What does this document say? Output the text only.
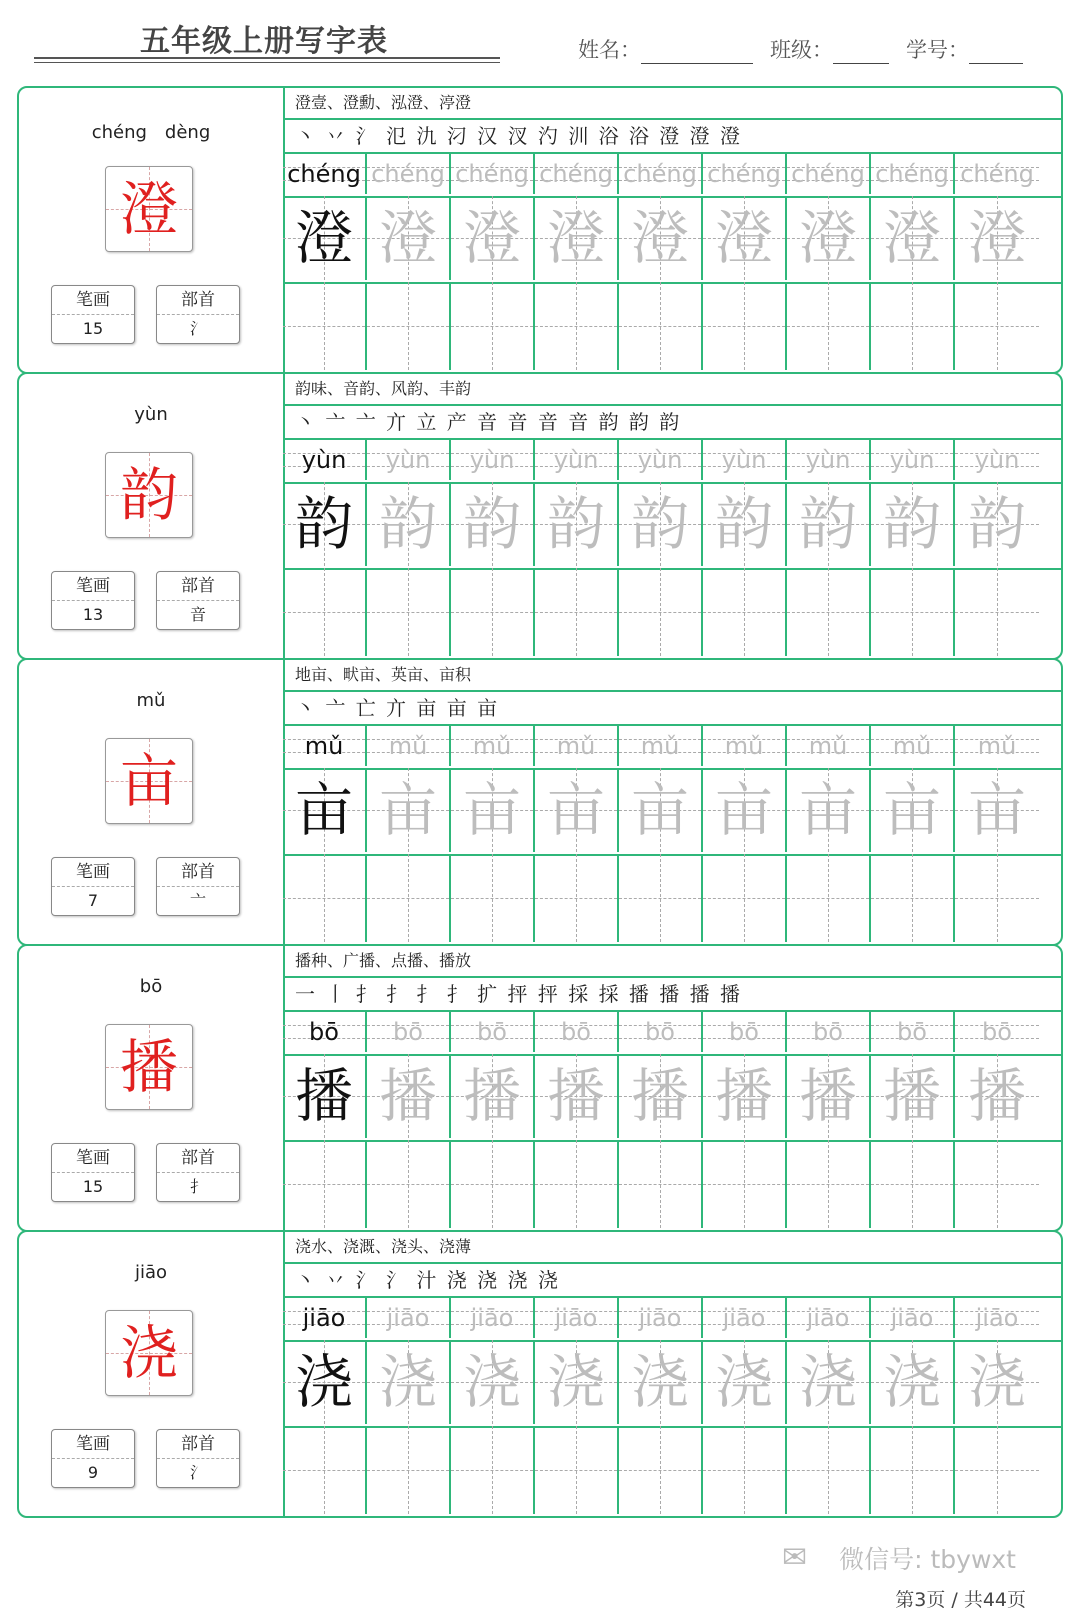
五年级上册写字表	姓名：	班级：	学号：
chéng　dèng
澄
笔画
15
部首
氵
澄壹、澄勳、泓澄、渟澄
丶 丷 氵 氾 氿 汈 汉 汊 汋 汌 浴 浴 澄 澄 澄
chéng chéng chéng chéng chéng chéng chéng chéng chéng
澄 澄 澄 澄 澄 澄 澄 澄 澄
yùn
韵
笔画
13
部首
音
韵味、音韵、风韵、丰韵
丶 亠 亠 亣 立 产 音 音 音 音 韵 韵 韵
yùn	yùn	yùn	yùn	yùn	yùn	yùn	yùn	yùn
韵 韵 韵 韵 韵 韵 韵 韵 韵
mǔ
亩
笔画
7
部首
亠
地亩、畎亩、英亩、亩积
丶 亠 亡 亣 亩 亩 亩
mǔ	mǔ	mǔ	mǔ	mǔ	mǔ	mǔ	mǔ	mǔ
亩 亩 亩 亩 亩 亩 亩 亩 亩
bō
播
笔画
15
部首
扌
播种、广播、点播、播放
一 丨 扌 扌 扌 扌 扩 抨 抨 採 採 播 播 播 播
bō	bō	bō	bō	bō	bō	bō	bō	bō
播 播 播 播 播 播 播 播 播
jiāo
浇
笔画
9
部首
氵
浇水、浇溉、浇头、浇薄
丶 丷 氵 氵 汁 浇 浇 浇 浇
jiāo	jiāo	jiāo	jiāo	jiāo	jiāo	jiāo	jiāo	jiāo
浇 浇 浇 浇 浇 浇 浇 浇 浇
✉ 微信号: tbywxt
第3页 / 共44页
